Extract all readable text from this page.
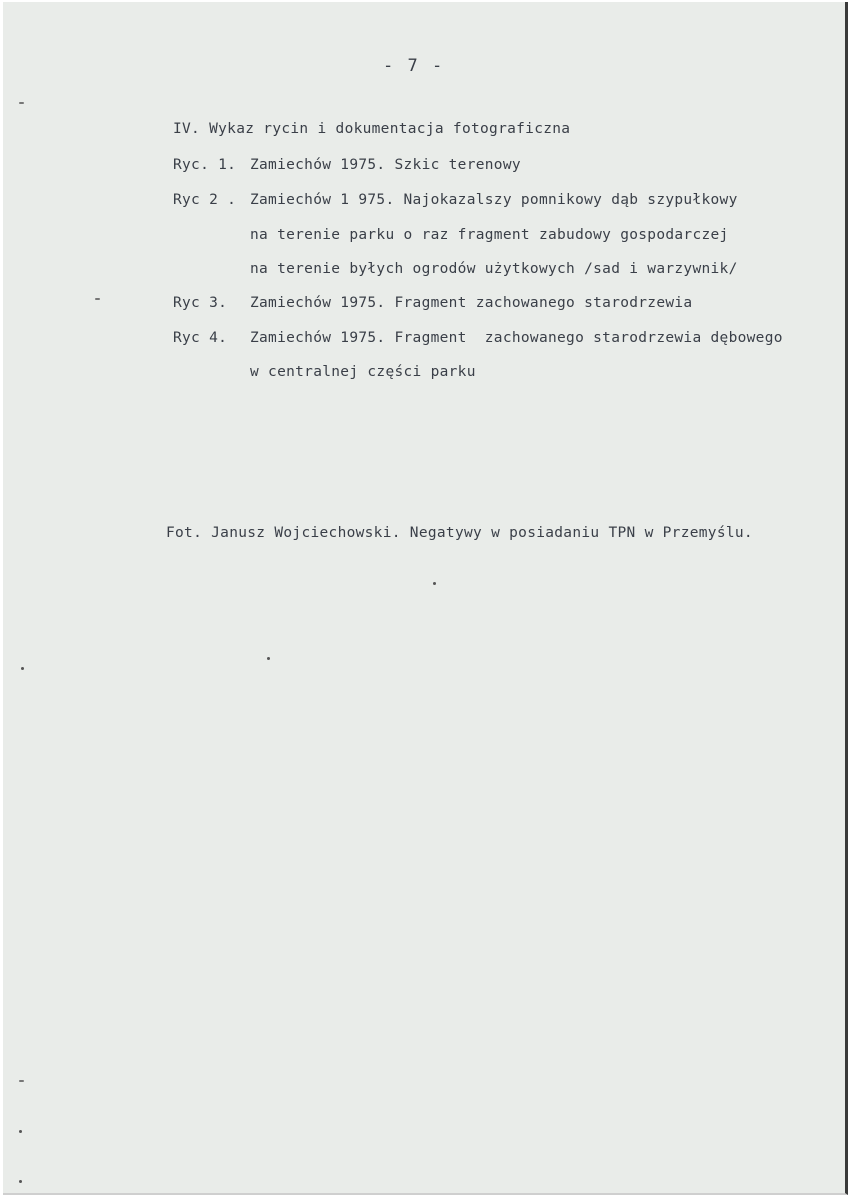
- 7 -
IV. Wykaz rycin i dokumentacja fotograficzna
Ryc. 1. Zamiechów 1975. Szkic terenowy
Ryc 2 . Zamiechów 1 975. Najokazalszy pomnikowy dąb szypułkowy
na terenie parku o raz fragment zabudowy gospodarczej
na terenie byłych ogrodów użytkowych /sad i warzywnik/
Ryc 3. Zamiechów 1975. Fragment zachowanego starodrzewia
Ryc 4. Zamiechów 1975. Fragment  zachowanego starodrzewia dębowego
w centralnej części parku
Fot. Janusz Wojciechowski. Negatywy w posiadaniu TPN w Przemyślu.
